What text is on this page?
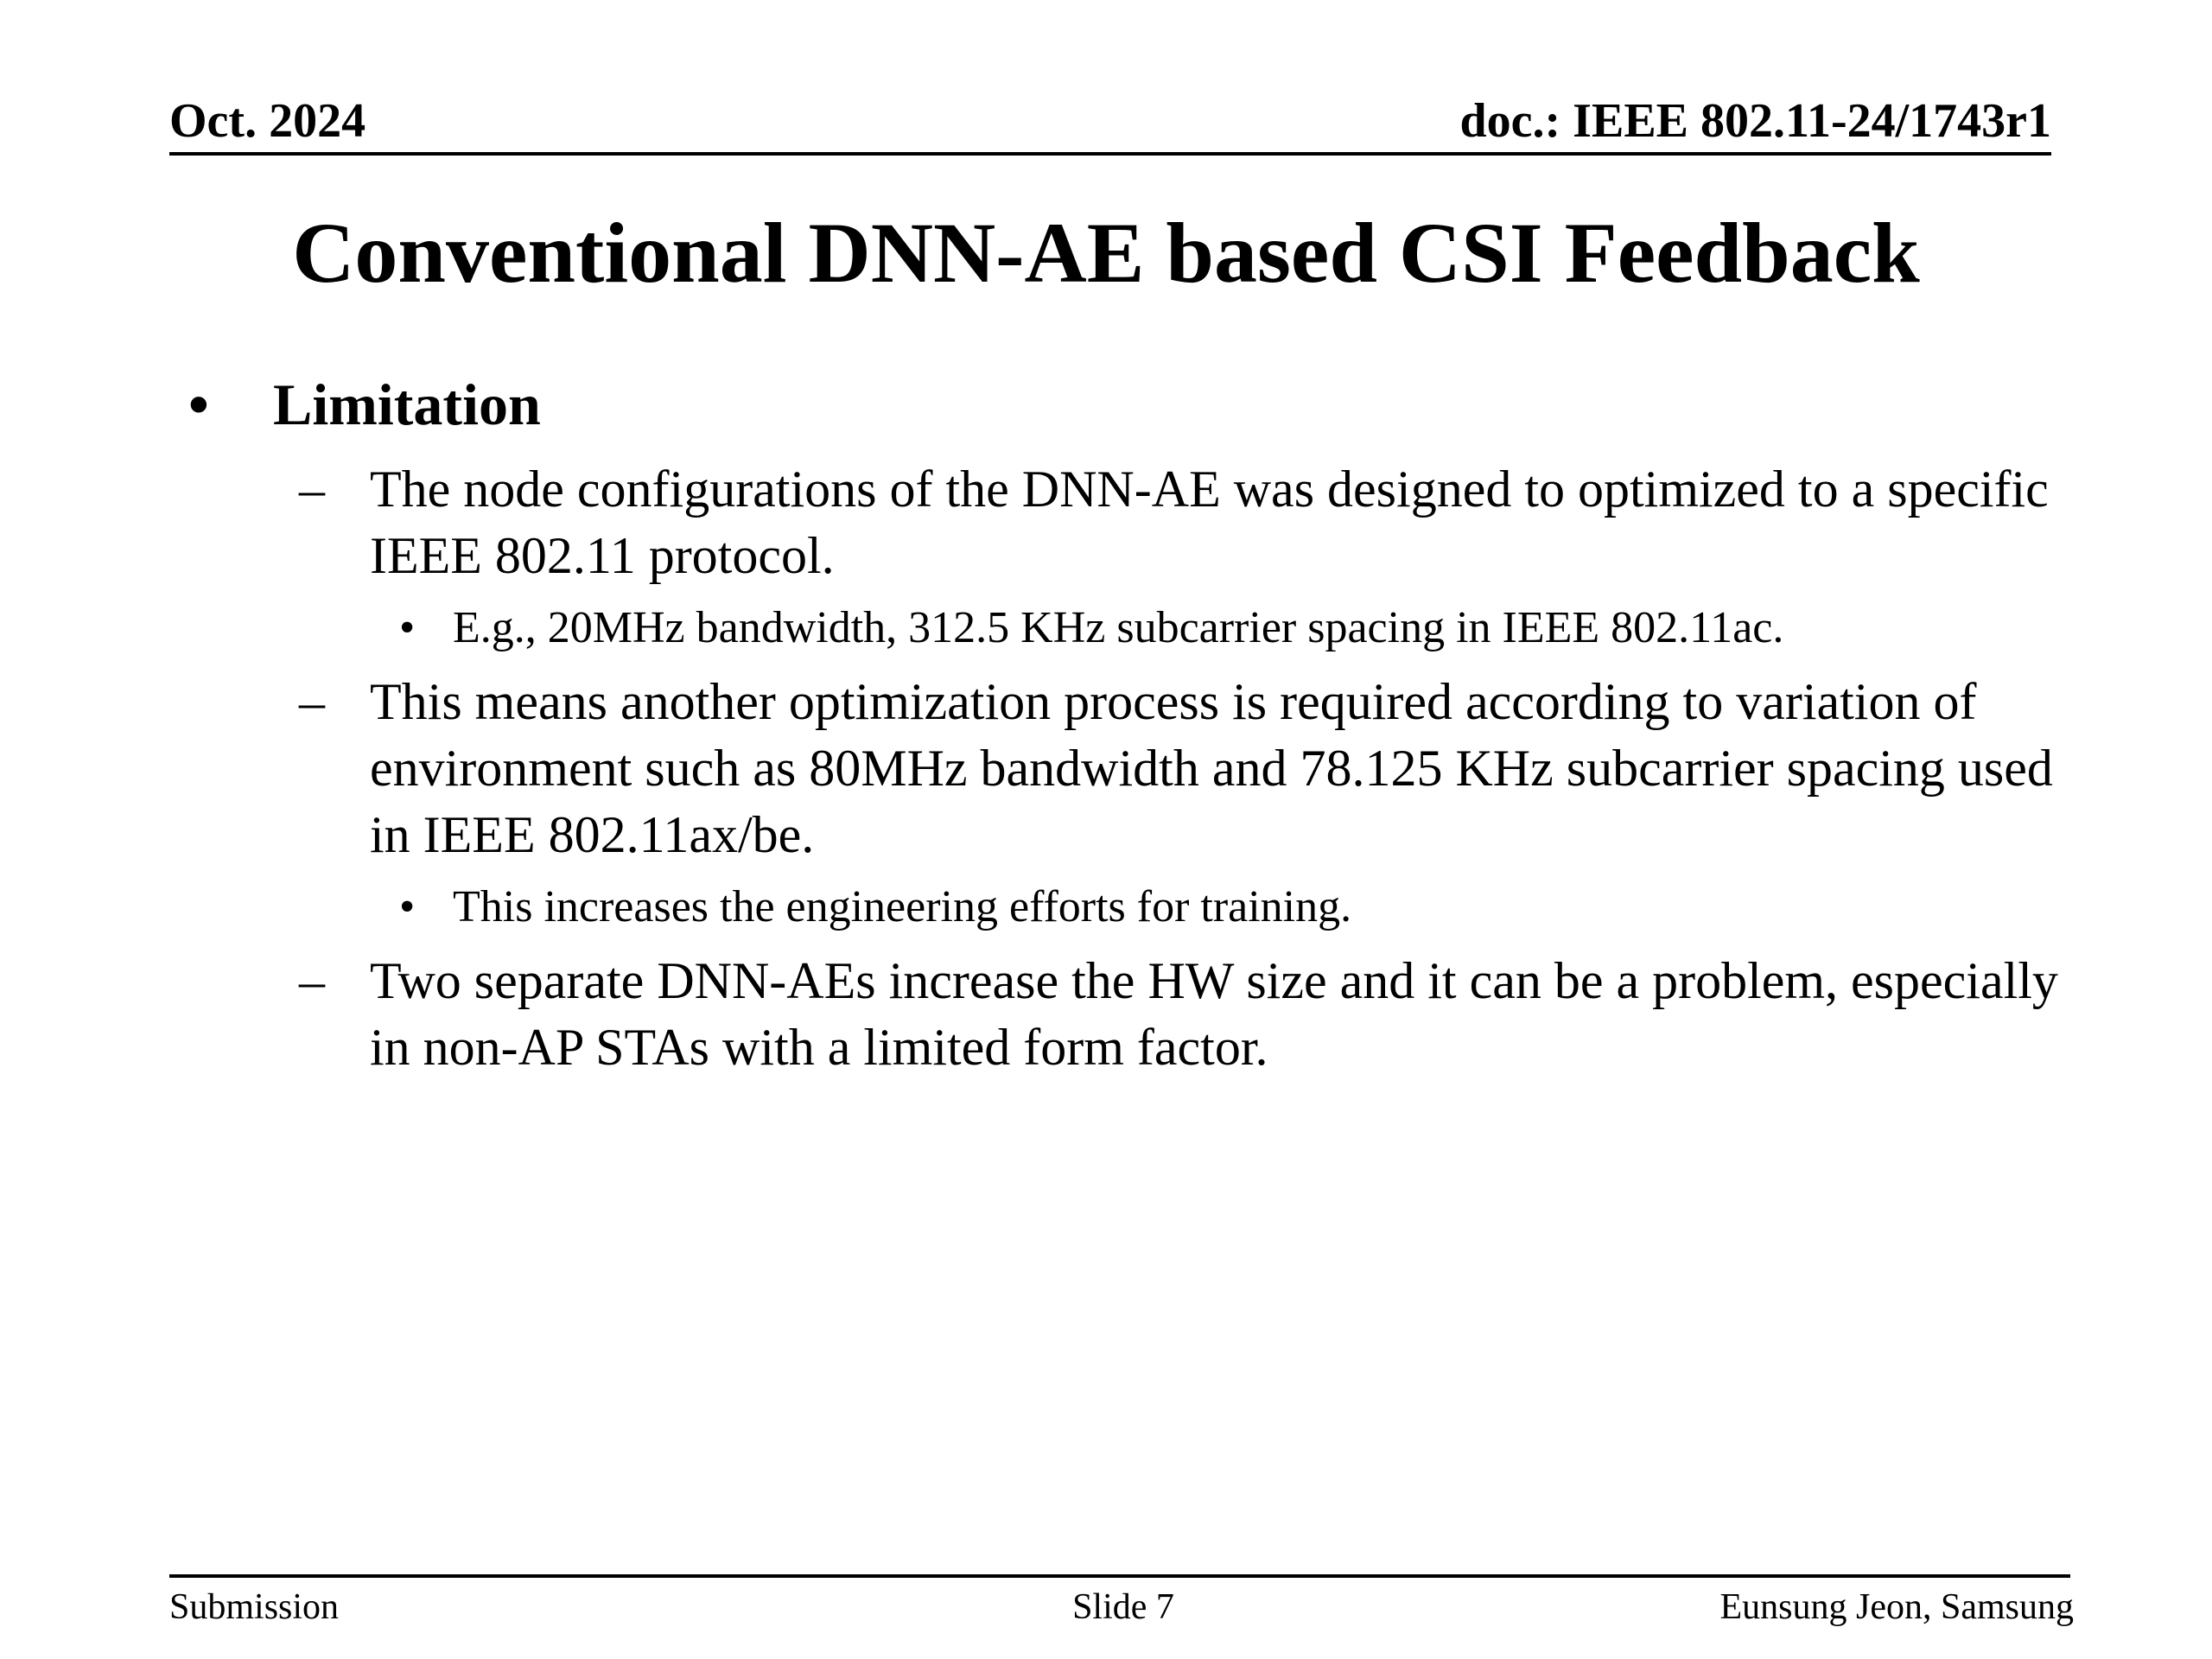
Oct. 2024	doc.: IEEE 802.11-24/1743r1
Conventional DNN-AE based CSI Feedback
• Limitation
– The node configurations of the DNN-AE was designed to optimized to a specific IEEE 802.11 protocol.
• E.g., 20MHz bandwidth, 312.5 KHz subcarrier spacing in IEEE 802.11ac.
– This means another optimization process is required according to variation of environment such as 80MHz bandwidth and 78.125 KHz subcarrier spacing used in IEEE 802.11ax/be.
• This increases the engineering efforts for training.
– Two separate DNN-AEs increase the HW size and it can be a problem, especially in non-AP STAs with a limited form factor.
Submission	Slide 7	Eunsung Jeon, Samsung
